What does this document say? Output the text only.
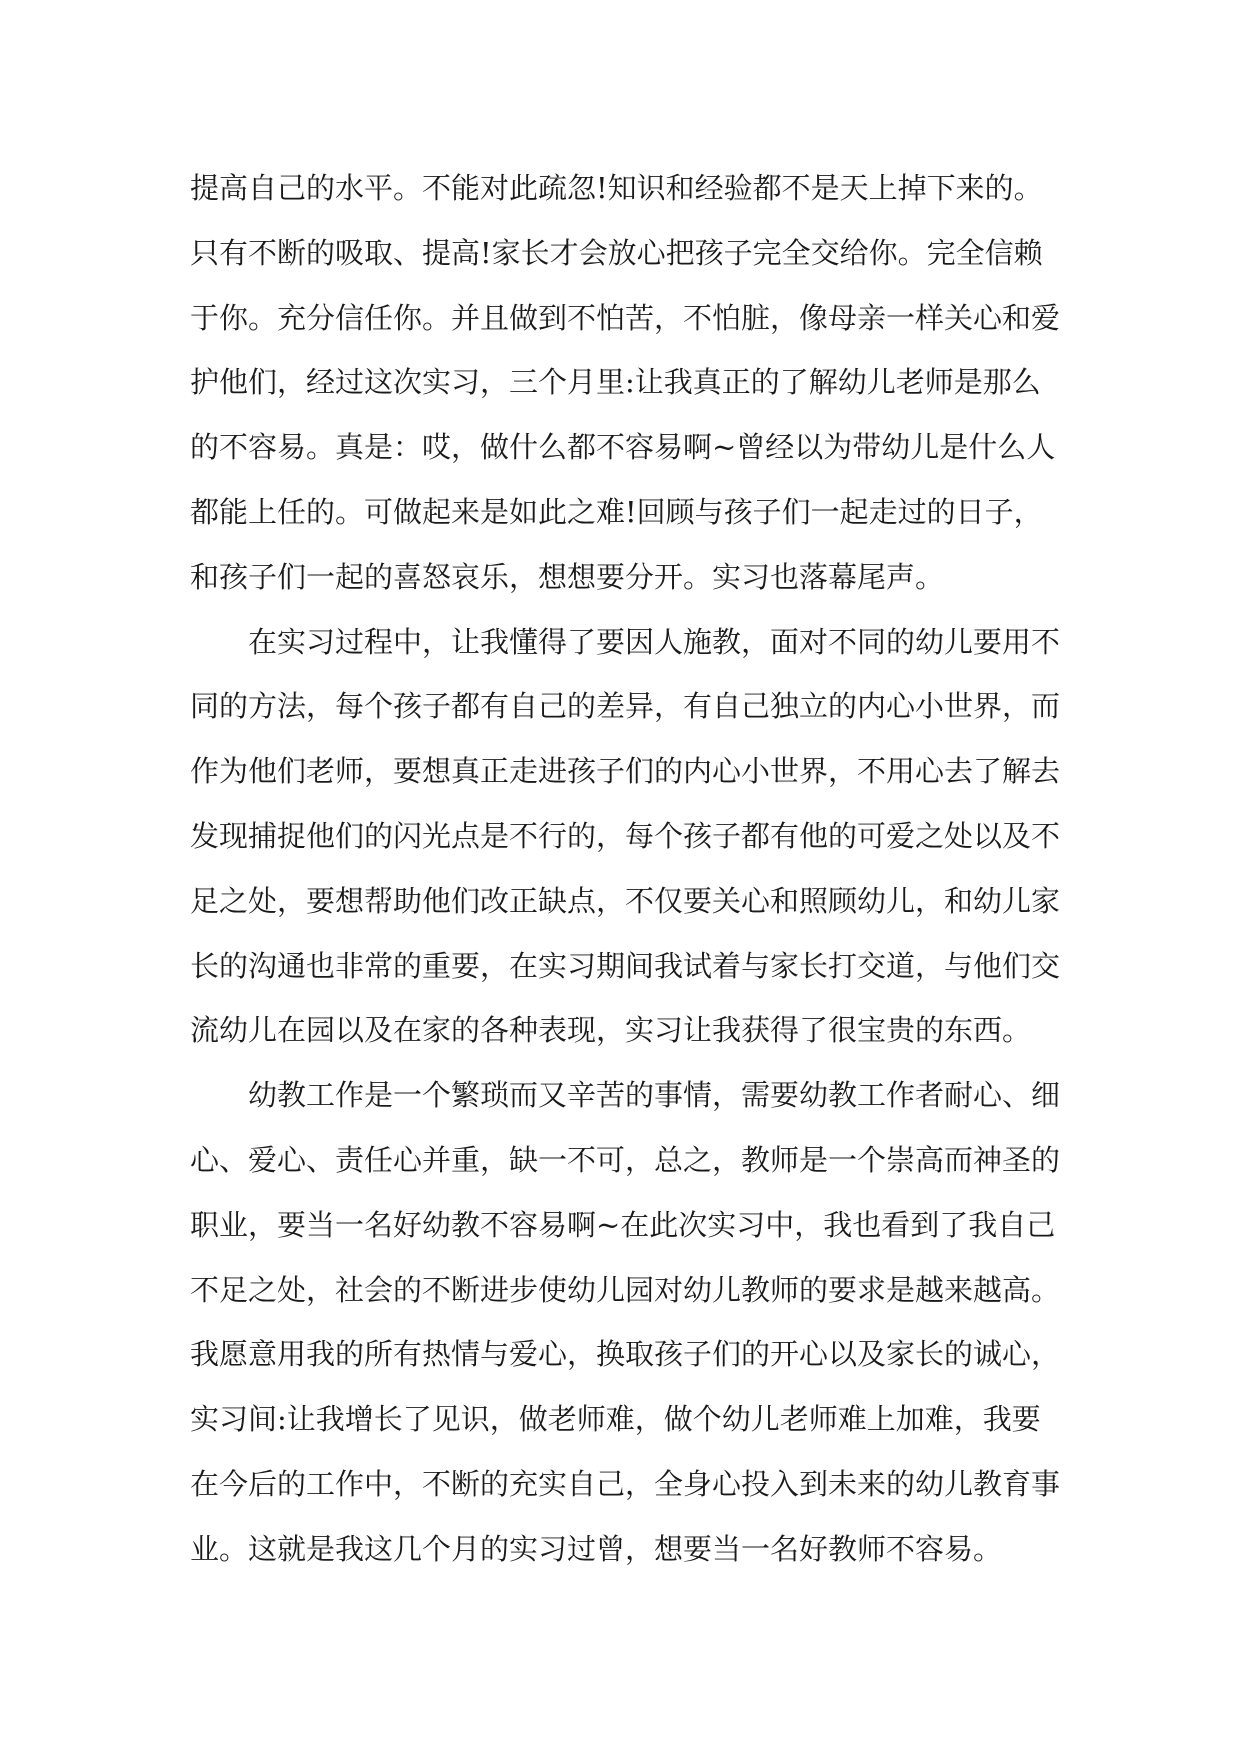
提高自己的水平。不能对此疏忽!知识和经验都不是天上掉下来的。
只有不断的吸取、提高!家长才会放心把孩子完全交给你。完全信赖
于你。充分信任你。并且做到不怕苦，不怕脏，像母亲一样关心和爱
护他们，经过这次实习，三个月里:让我真正的了解幼儿老师是那么
的不容易。真是：哎，做什么都不容易啊~曾经以为带幼儿是什么人
都能上任的。可做起来是如此之难!回顾与孩子们一起走过的日子，
和孩子们一起的喜怒哀乐，想想要分开。实习也落幕尾声。
在实习过程中，让我懂得了要因人施教，面对不同的幼儿要用不
同的方法，每个孩子都有自己的差异，有自己独立的内心小世界，而
作为他们老师，要想真正走进孩子们的内心小世界，不用心去了解去
发现捕捉他们的闪光点是不行的，每个孩子都有他的可爱之处以及不
足之处，要想帮助他们改正缺点，不仅要关心和照顾幼儿，和幼儿家
长的沟通也非常的重要，在实习期间我试着与家长打交道，与他们交
流幼儿在园以及在家的各种表现，实习让我获得了很宝贵的东西。
幼教工作是一个繁琐而又辛苦的事情，需要幼教工作者耐心、细
心、爱心、责任心并重，缺一不可，总之，教师是一个崇高而神圣的
职业，要当一名好幼教不容易啊~在此次实习中，我也看到了我自己
不足之处，社会的不断进步使幼儿园对幼儿教师的要求是越来越高。
我愿意用我的所有热情与爱心，换取孩子们的开心以及家长的诚心，
实习间:让我增长了见识，做老师难，做个幼儿老师难上加难，我要
在今后的工作中，不断的充实自己，全身心投入到未来的幼儿教育事
业。这就是我这几个月的实习过曾，想要当一名好教师不容易。
